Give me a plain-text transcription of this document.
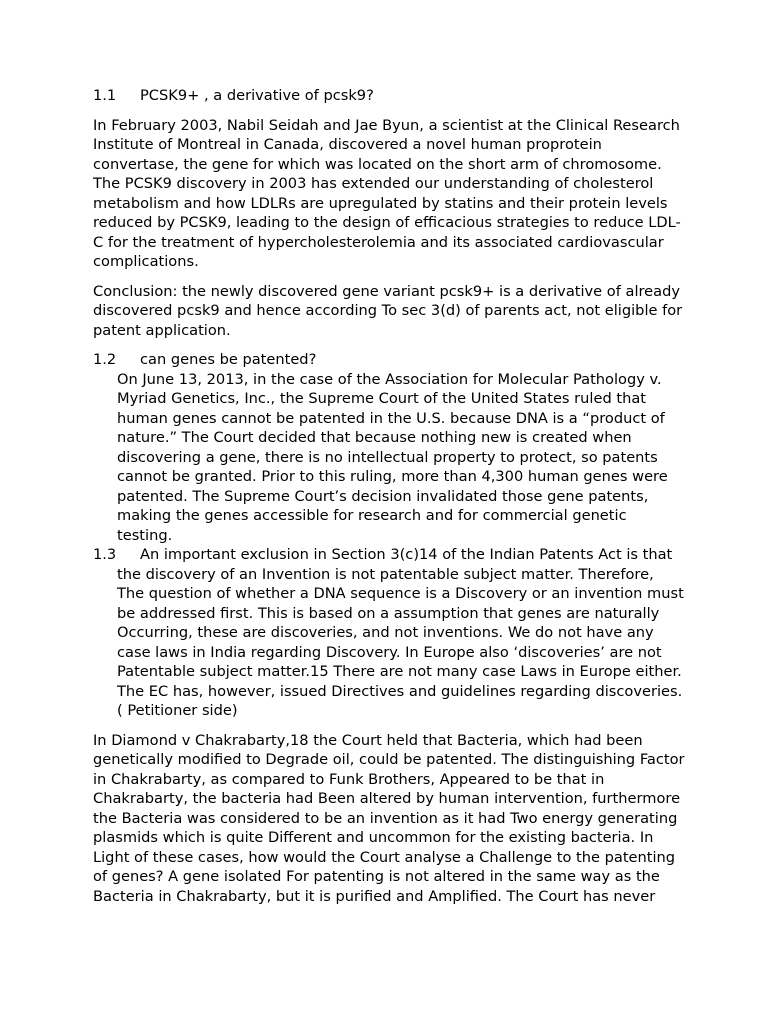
1.1 PCSK9+ , a derivative of pcsk9?

In February 2003, Nabil Seidah and Jae Byun, a scientist at the Clinical Research Institute of Montreal in Canada, discovered a novel human proprotein convertase, the gene for which was located on the short arm of chromosome. The PCSK9 discovery in 2003 has extended our understanding of cholesterol metabolism and how LDLRs are upregulated by statins and their protein levels reduced by PCSK9, leading to the design of efficacious strategies to reduce LDL-C for the treatment of hypercholesterolemia and its associated cardiovascular complications.

Conclusion: the newly discovered gene variant pcsk9+ is a derivative of already discovered pcsk9 and hence according To sec 3(d) of parents act, not eligible for patent application.

1.2 can genes be patented?

On June 13, 2013, in the case of the Association for Molecular Pathology v. Myriad Genetics, Inc., the Supreme Court of the United States ruled that human genes cannot be patented in the U.S. because DNA is a “product of nature.” The Court decided that because nothing new is created when discovering a gene, there is no intellectual property to protect, so patents cannot be granted. Prior to this ruling, more than 4,300 human genes were patented. The Supreme Court’s decision invalidated those gene patents, making the genes accessible for research and for commercial genetic testing.

1.3 An important exclusion in Section 3(c)14 of the Indian Patents Act is that the discovery of an Invention is not patentable subject matter. Therefore, The question of whether a DNA sequence is a Discovery or an invention must be addressed first. This is based on a assumption that genes are naturally Occurring, these are discoveries, and not inventions. We do not have any case laws in India regarding Discovery. In Europe also ‘discoveries’ are not Patentable subject matter.15 There are not many case Laws in Europe either. The EC has, however, issued Directives and guidelines regarding discoveries. ( Petitioner side)

In Diamond v Chakrabarty,18 the Court held that Bacteria, which had been genetically modified to Degrade oil, could be patented. The distinguishing Factor in Chakrabarty, as compared to Funk Brothers, Appeared to be that in Chakrabarty, the bacteria had Been altered by human intervention, furthermore the Bacteria was considered to be an invention as it had Two energy generating plasmids which is quite Different and uncommon for the existing bacteria. In Light of these cases, how would the Court analyse a Challenge to the patenting of genes? A gene isolated For patenting is not altered in the same way as the Bacteria in Chakrabarty, but it is purified and Amplified. The Court has never
